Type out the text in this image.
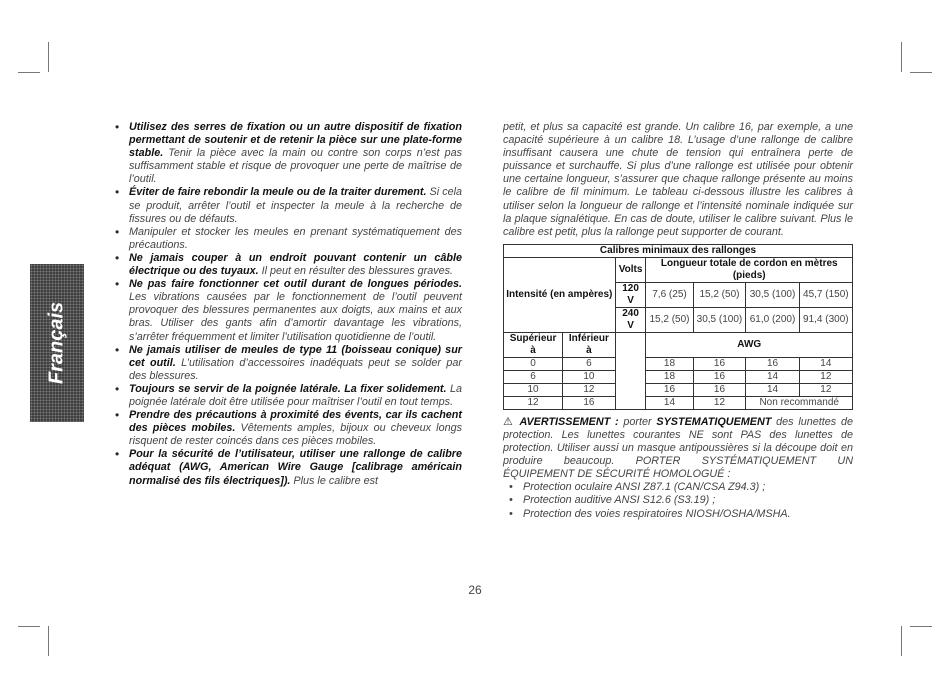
Français
• Utilisez des serres de fixation ou un autre dispositif de fixation permettant de soutenir et de retenir la pièce sur une plate-forme stable. Tenir la pièce avec la main ou contre son corps n’est pas suffisamment stable et risque de provoquer une perte de maîtrise de l’outil.
• Éviter de faire rebondir la meule ou de la traiter durement. Si cela se produit, arrêter l’outil et inspecter la meule à la recherche de fissures ou de défauts.
• Manipuler et stocker les meules en prenant systématiquement des précautions.
• Ne jamais couper à un endroit pouvant contenir un câble électrique ou des tuyaux. Il peut en résulter des blessures graves.
• Ne pas faire fonctionner cet outil durant de longues périodes. Les vibrations causées par le fonctionnement de l’outil peuvent provoquer des blessures permanentes aux doigts, aux mains et aux bras. Utiliser des gants afin d’amortir davantage les vibrations, s’arrêter fréquemment et limiter l’utilisation quotidienne de l’outil.
• Ne jamais utiliser de meules de type 11 (boisseau conique) sur cet outil. L’utilisation d’accessoires inadéquats peut se solder par des blessures.
• Toujours se servir de la poignée latérale. La fixer solidement. La poignée latérale doit être utilisée pour maîtriser l’outil en tout temps.
• Prendre des précautions à proximité des évents, car ils cachent des pièces mobiles. Vêtements amples, bijoux ou cheveux longs risquent de rester coincés dans ces pièces mobiles.
• Pour la sécurité de l’utilisateur, utiliser une rallonge de calibre adéquat (AWG, American Wire Gauge [calibrage américain normalisé des fils électriques]). Plus le calibre est
petit, et plus sa capacité est grande. Un calibre 16, par exemple, a une capacité supérieure à un calibre 18. L’usage d’une rallonge de calibre insuffisant causera une chute de tension qui entraînera perte de puissance et surchauffe. Si plus d’une rallonge est utilisée pour obtenir une certaine longueur, s’assurer que chaque rallonge présente au moins le calibre de fil minimum. Le tableau ci-dessous illustre les calibres à utiliser selon la longueur de rallonge et l’intensité nominale indiquée sur la plaque signalétique. En cas de doute, utiliser le calibre suivant. Plus le calibre est petit, plus la rallonge peut supporter de courant.
Calibres minimaux des rallonges						
Intensité (en ampères)		Volts	Longueur totale de cordon en mètres (pieds)			
		120 V	7,6 (25)	15,2 (50)	30,5 (100)	45,7 (150)
		240 V	15,2 (50)	30,5 (100)	61,0 (200)	91,4 (300)
Supérieur à	Inférieur à		AWG			
0	6		18	16	16	14
6	10		18	16	14	12
10	12		16	16	14	12
12	16		14	12	Non recommandé	
⚠ AVERTISSEMENT : porter SYSTEMATIQUEMENT des lunettes de protection. Les lunettes courantes NE sont PAS des lunettes de protection. Utiliser aussi un masque antipoussières si la découpe doit en produire beaucoup. PORTER SYSTÉMATIQUEMENT UN ÉQUIPEMENT DE SÉCURITÉ HOMOLOGUÉ :
• Protection oculaire ANSI Z87.1 (CAN/CSA Z94.3) ;
• Protection auditive ANSI S12.6 (S3.19) ;
• Protection des voies respiratoires NIOSH/OSHA/MSHA.
26
